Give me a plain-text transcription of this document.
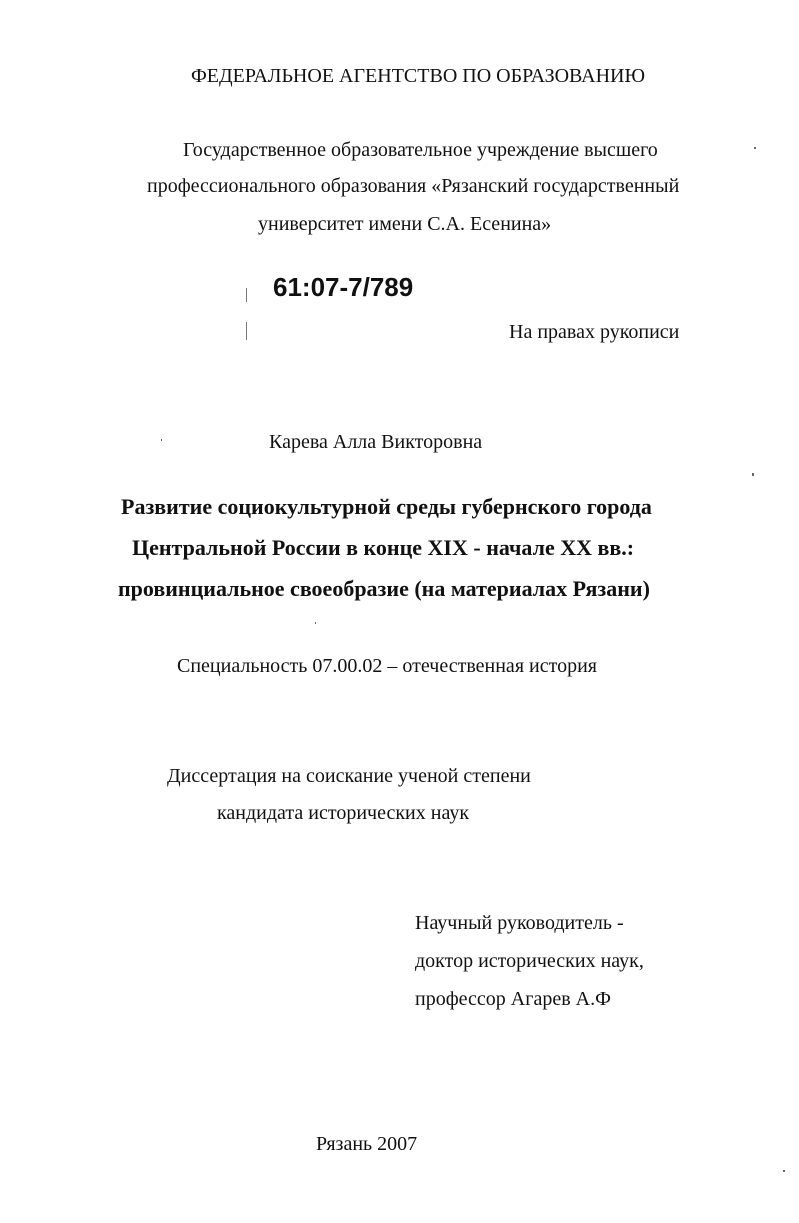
ФЕДЕРАЛЬНОЕ АГЕНТСТВО ПО ОБРАЗОВАНИЮ
Государственное образовательное учреждение высшего
профессионального образования «Рязанский государственный
университет имени С.А. Есенина»
61:07-7/789
На правах рукописи
Карева Алла Викторовна
Развитие социокультурной среды губернского города
Центральной России в конце XIX - начале XX вв.:
провинциальное своеобразие (на материалах Рязани)
Специальность 07.00.02 – отечественная история
Диссертация на соискание ученой степени
кандидата исторических наук
Научный руководитель -
доктор исторических наук,
профессор Агарев А.Ф
Рязань 2007
